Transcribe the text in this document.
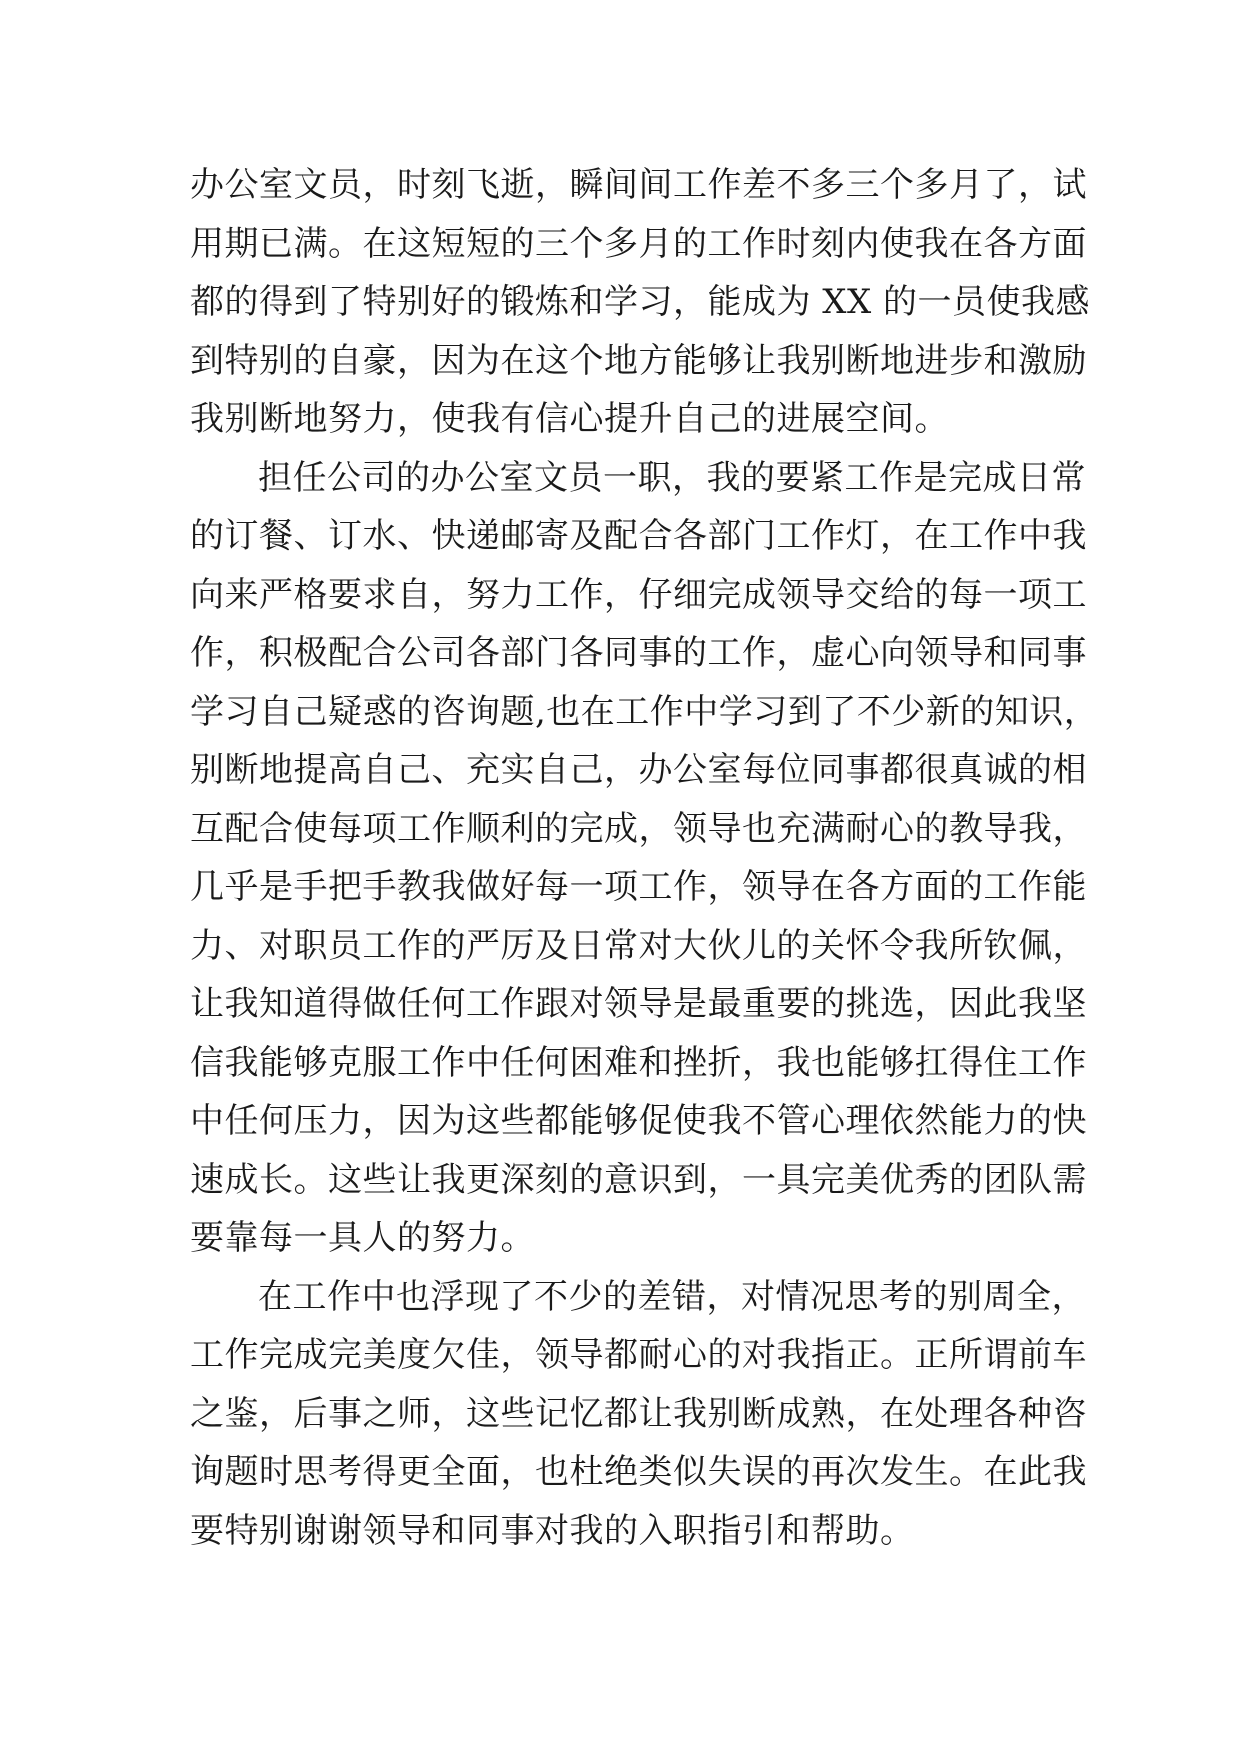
办公室文员，时刻飞逝，瞬间间工作差不多三个多月了，试
用期已满。在这短短的三个多月的工作时刻内使我在各方面
都的得到了特别好的锻炼和学习，能成为 XX 的一员使我感
到特别的自豪，因为在这个地方能够让我别断地进步和激励
我别断地努力，使我有信心提升自己的进展空间。
担任公司的办公室文员一职，我的要紧工作是完成日常
的订餐、订水、快递邮寄及配合各部门工作灯，在工作中我
向来严格要求自，努力工作，仔细完成领导交给的每一项工
作，积极配合公司各部门各同事的工作，虚心向领导和同事
学习自己疑惑的咨询题,也在工作中学习到了不少新的知识，
别断地提高自己、充实自己，办公室每位同事都很真诚的相
互配合使每项工作顺利的完成，领导也充满耐心的教导我，
几乎是手把手教我做好每一项工作，领导在各方面的工作能
力、对职员工作的严厉及日常对大伙儿的关怀令我所钦佩，
让我知道得做任何工作跟对领导是最重要的挑选，因此我坚
信我能够克服工作中任何困难和挫折，我也能够扛得住工作
中任何压力，因为这些都能够促使我不管心理依然能力的快
速成长。这些让我更深刻的意识到，一具完美优秀的团队需
要靠每一具人的努力。
在工作中也浮现了不少的差错，对情况思考的别周全，
工作完成完美度欠佳，领导都耐心的对我指正。正所谓前车
之鉴，后事之师，这些记忆都让我别断成熟，在处理各种咨
询题时思考得更全面，也杜绝类似失误的再次发生。在此我
要特别谢谢领导和同事对我的入职指引和帮助。
